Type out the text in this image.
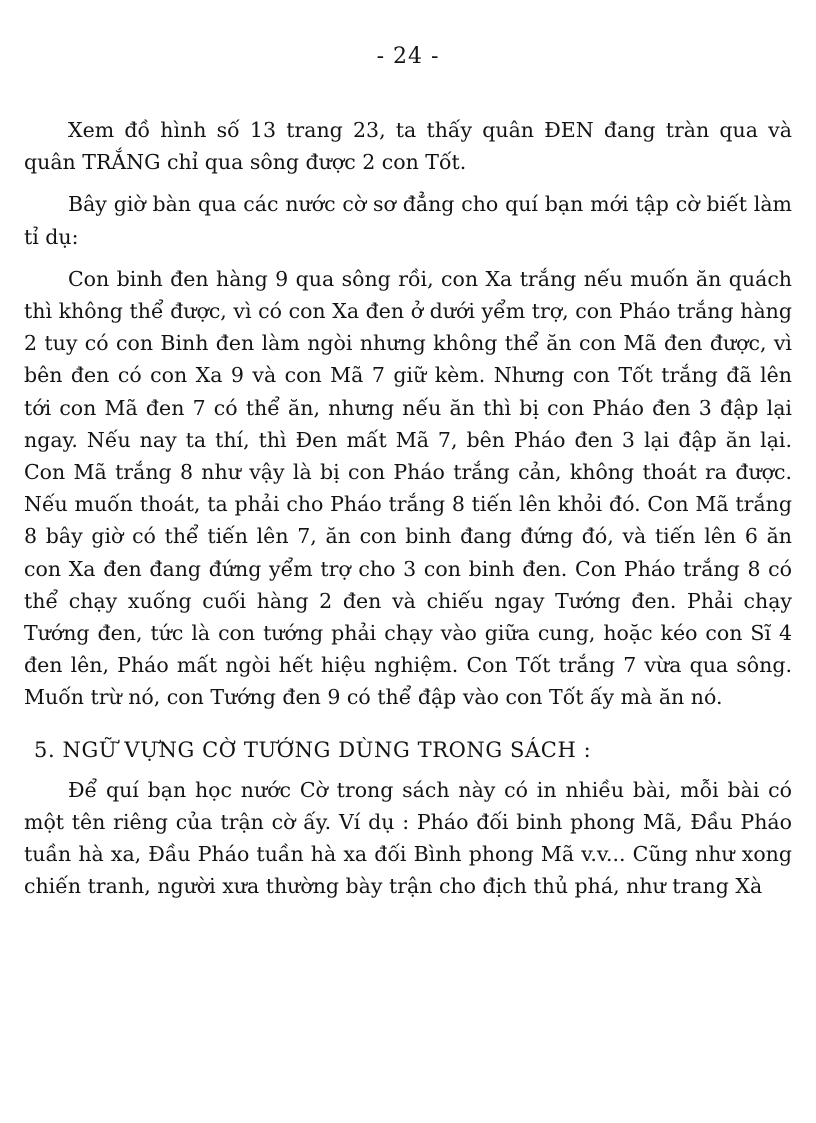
- 24 -

Xem đồ hình số 13 trang 23, ta thấy quân ĐEN đang tràn qua và quân TRẮNG chỉ qua sông được 2 con Tốt.

Bây giờ bàn qua các nước cờ sơ đẳng cho quí bạn mới tập cờ biết làm tỉ dụ:

Con binh đen hàng 9 qua sông rồi, con Xa trắng nếu muốn ăn quách thì không thể được, vì có con Xa đen ở dưới yểm trợ, con Pháo trắng hàng 2 tuy có con Binh đen làm ngòi nhưng không thể ăn con Mã đen được, vì bên đen có con Xa 9 và con Mã 7 giữ kèm. Nhưng con Tốt trắng đã lên tới con Mã đen 7 có thể ăn, nhưng nếu ăn thì bị con Pháo đen 3 đập lại ngay. Nếu nay ta thí, thì Đen mất Mã 7, bên Pháo đen 3 lại đập ăn lại. Con Mã trắng 8 như vậy là bị con Pháo trắng cản, không thoát ra được. Nếu muốn thoát, ta phải cho Pháo trắng 8 tiến lên khỏi đó. Con Mã trắng 8 bây giờ có thể tiến lên 7, ăn con binh đang đứng đó, và tiến lên 6 ăn con Xa đen đang đứng yểm trợ cho 3 con binh đen. Con Pháo trắng 8 có thể chạy xuống cuối hàng 2 đen và chiếu ngay Tướng đen. Phải chạy Tướng đen, tức là con tướng phải chạy vào giữa cung, hoặc kéo con Sĩ 4 đen lên, Pháo mất ngòi hết hiệu nghiệm. Con Tốt trắng 7 vừa qua sông. Muốn trừ nó, con Tướng đen 9 có thể đập vào con Tốt ấy mà ăn nó.

5. NGỮ VỰNG CỜ TƯỚNG DÙNG TRONG SÁCH :

Để quí bạn học nước Cờ trong sách này có in nhiều bài, mỗi bài có một tên riêng của trận cờ ấy. Ví dụ : Pháo đối binh phong Mã, Đầu Pháo tuần hà xa, Đầu Pháo tuần hà xa đối Bình phong Mã v.v... Cũng như xong chiến tranh, người xưa thường bày trận cho địch thủ phá, như trang Xà
